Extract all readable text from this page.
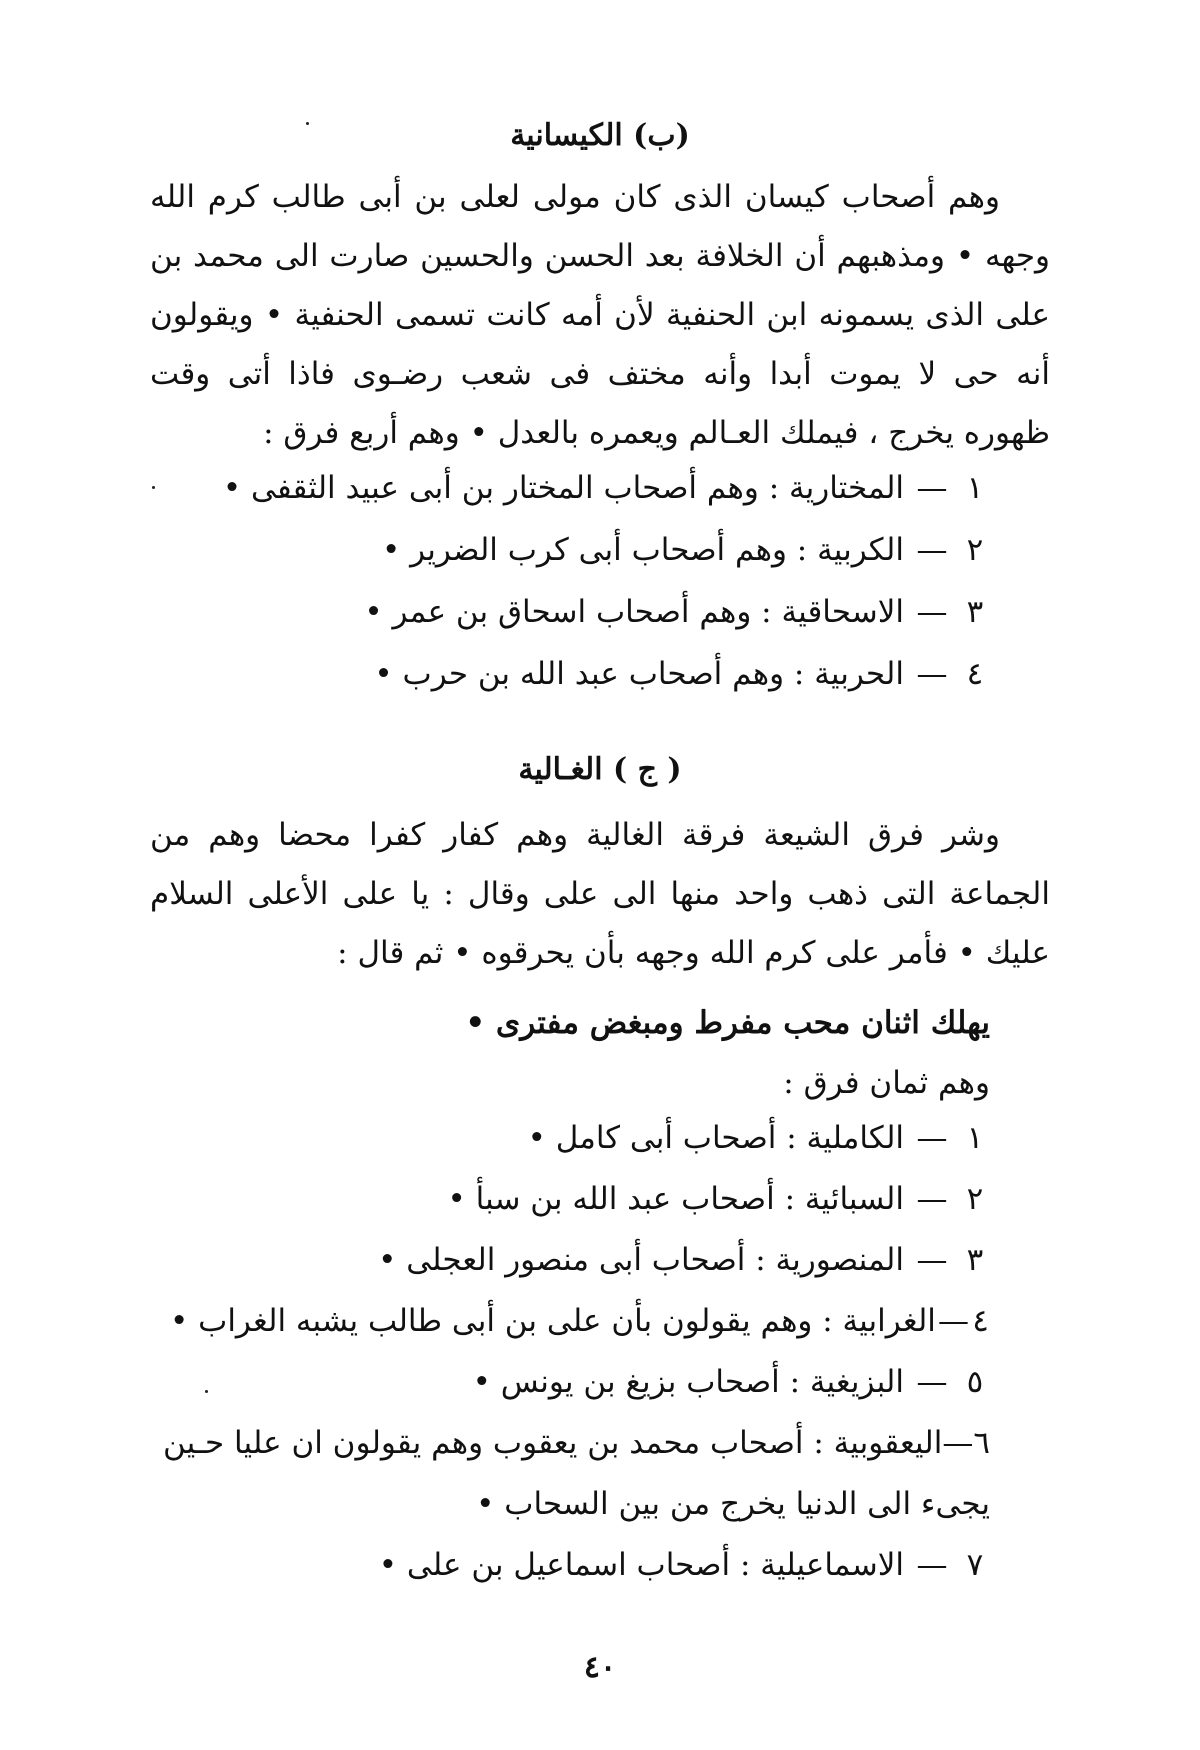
(ب) الكيسانية

وهم أصحاب كيسان الذى كان مولى لعلى بن أبى طالب كرم الله وجهه • ومذهبهم أن الخلافة بعد الحسن والحسين صارت الى محمد بن على الذى يسمونه ابن الحنفية لأن أمه كانت تسمى الحنفية • ويقولون أنه حى لا يموت أبدا وأنه مختف فى شعب رضـوى فاذا أتى وقت ظهوره يخرج ، فيملك العـالم ويعمره بالعدل • وهم أربع فرق :

١
—
المختارية : وهم أصحاب المختار بن أبى عبيد الثقفى •
٢
—
الكربية : وهم أصحاب أبى كرب الضرير •
٣
—
الاسحاقية : وهم أصحاب اسحاق بن عمر •
٤
—
الحربية : وهم أصحاب عبد الله بن حرب •
( ج ) الغـالية

وشر فرق الشيعة فرقة الغالية وهم كفار كفرا محضا وهم من الجماعة التى ذهب واحد منها الى على وقال : يا على الأعلى السلام عليك • فأمر على كرم الله وجهه بأن يحرقوه • ثم قال :

يهلك اثنان محب مفرط ومبغض مفترى •
وهم ثمان فرق :
١
—
الكاملية : أصحاب أبى كامل •
٢
—
السبائية : أصحاب عبد الله بن سبأ •
٣
—
المنصورية : أصحاب أبى منصور العجلى •
٤
—
الغرابية : وهم يقولون بأن على بن أبى طالب يشبه الغراب •
٥
—
البزيغية : أصحاب بزيغ بن يونس •
٦
—
اليعقوبية : أصحاب محمد بن يعقوب وهم يقولون ان عليا حـين
يجىء الى الدنيا يخرج من بين السحاب •
٧
—
الاسماعيلية : أصحاب اسماعيل بن على •
٤٠
